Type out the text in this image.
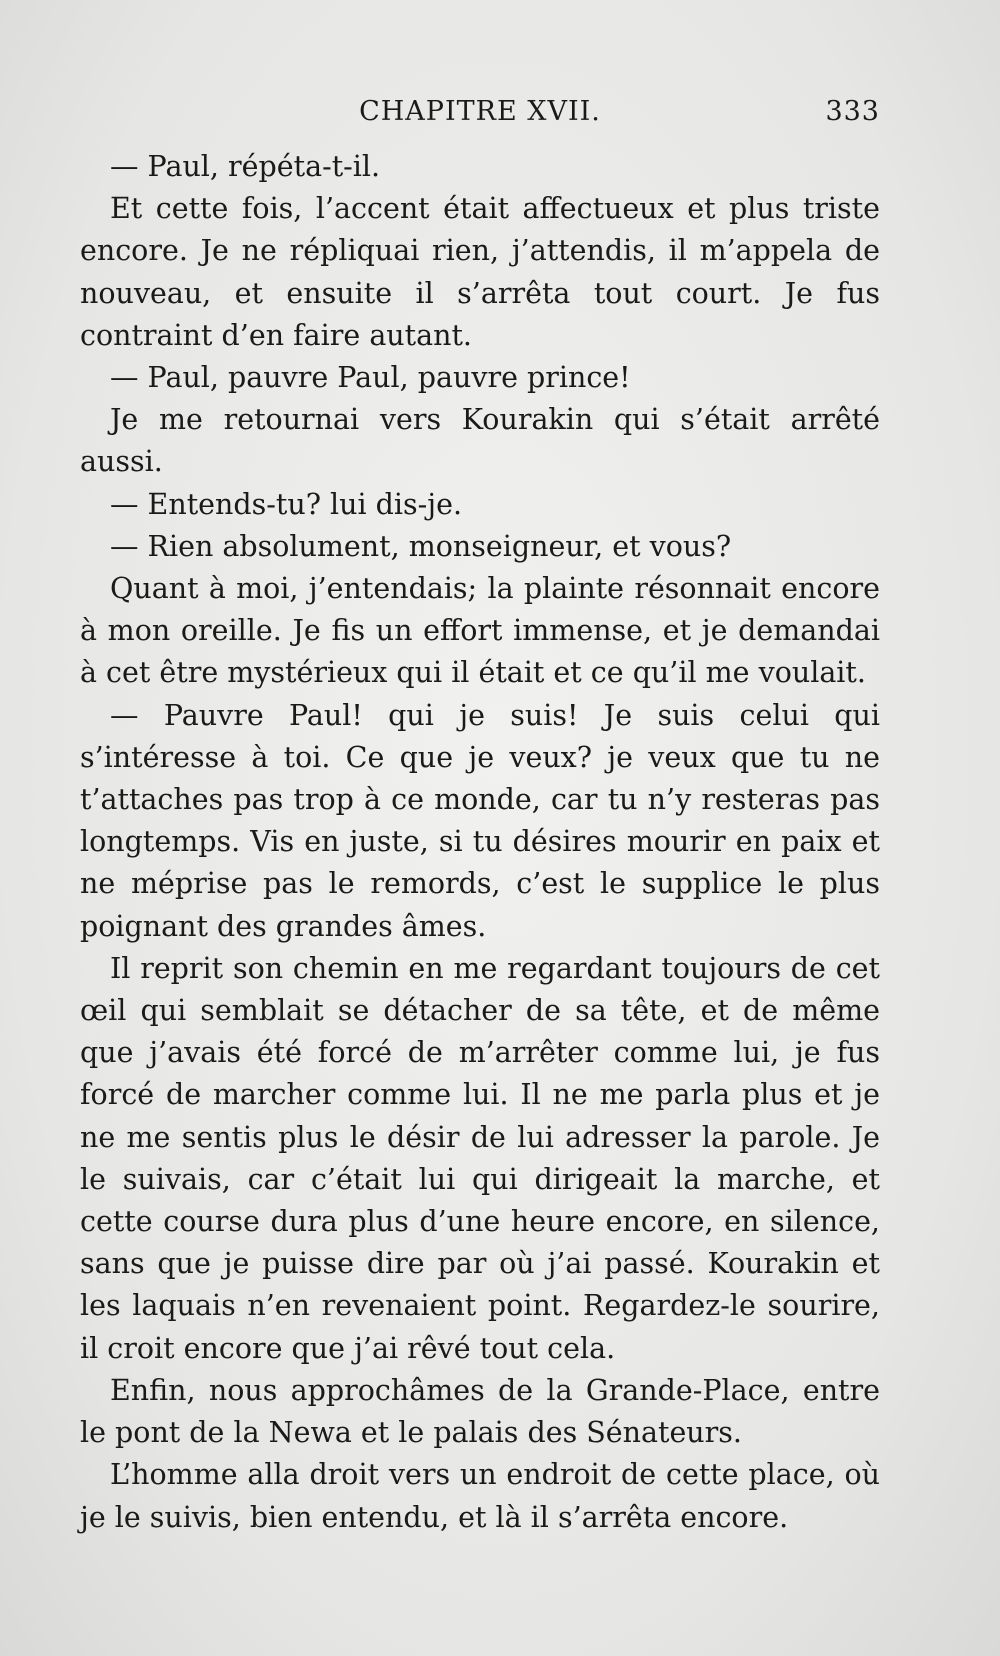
CHAPITRE XVII.	333

— Paul, répéta-t-il.

Et cette fois, l’accent était affectueux et plus triste encore. Je ne répliquai rien, j’attendis, il m’appela de nouveau, et ensuite il s’arrêta tout court. Je fus contraint d’en faire autant.

— Paul, pauvre Paul, pauvre prince!

Je me retournai vers Kourakin qui s’était arrêté aussi.

— Entends-tu? lui dis-je.

— Rien absolument, monseigneur, et vous?

Quant à moi, j’entendais; la plainte résonnait encore à mon oreille. Je fis un effort immense, et je demandai à cet être mystérieux qui il était et ce qu’il me voulait.

— Pauvre Paul! qui je suis! Je suis celui qui s’intéresse à toi. Ce que je veux? je veux que tu ne t’attaches pas trop à ce monde, car tu n’y resteras pas longtemps. Vis en juste, si tu désires mourir en paix et ne méprise pas le remords, c’est le supplice le plus poignant des grandes âmes.

Il reprit son chemin en me regardant toujours de cet œil qui semblait se détacher de sa tête, et de même que j’avais été forcé de m’arrêter comme lui, je fus forcé de marcher comme lui. Il ne me parla plus et je ne me sentis plus le désir de lui adresser la parole. Je le suivais, car c’était lui qui dirigeait la marche, et cette course dura plus d’une heure encore, en silence, sans que je puisse dire par où j’ai passé. Kourakin et les laquais n’en revenaient point. Regardez-le sourire, il croit encore que j’ai rêvé tout cela.

Enfin, nous approchâmes de la Grande-Place, entre le pont de la Newa et le palais des Sénateurs.

L’homme alla droit vers un endroit de cette place, où je le suivis, bien entendu, et là il s’arrêta encore.
